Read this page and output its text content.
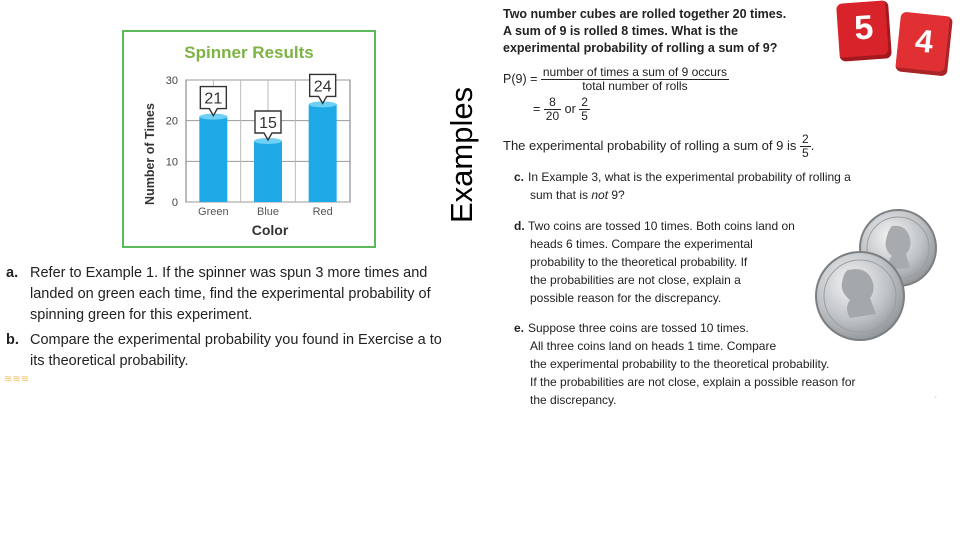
Spinner Results
0
10
20
30
21
Green
15
Blue
24
Red
Number of Times
Color
Examples
a. Refer to Example 1. If the spinner was spun 3 more times and
landed on green each time, find the experimental probability of
spinning green for this experiment.
b. Compare the experimental probability you found in Exercise a to
its theoretical probability.
≋≋≋
Two number cubes are rolled together 20 times.
A sum of 9 is rolled 8 times. What is the
experimental probability of rolling a sum of 9?
$P(9) = \frac{\text{number of times a sum of 9 occurs}}{\text{total number of rolls}}$
= $\frac{8}{20}$ or $\frac{2}{5}$
The experimental probability of rolling a sum of 9 is $\frac{2}{5}$ .
c. In Example 3, what is the experimental probability of rolling a
sum that is not 9?
d. Two coins are tossed 10 times. Both coins land on
heads 6 times. Compare the experimental
probability to the theoretical probability. If
the probabilities are not close, explain a
possible reason for the discrepancy.
e. Suppose three coins are tossed 10 times.
All three coins land on heads 1 time. Compare
the experimental probability to the theoretical probability.
If the probabilities are not close, explain a possible reason for
the discrepancy.
5	4
˯
